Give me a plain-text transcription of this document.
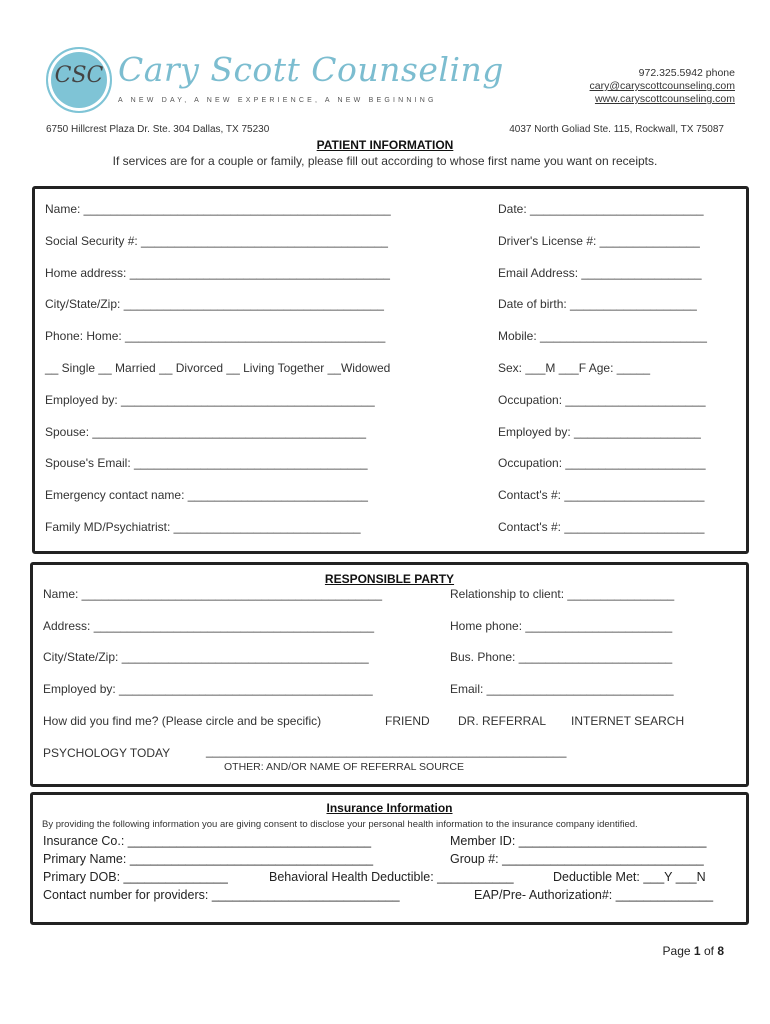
CSC Cary Scott Counseling
A NEW DAY, A NEW EXPERIENCE, A NEW BEGINNING
972.325.5942 phone
cary@caryscottcounseling.com
www.caryscottcounseling.com
6750 Hillcrest Plaza Dr. Ste. 304 Dallas, TX 75230	4037 North Goliad Ste. 115, Rockwall, TX 75087
PATIENT INFORMATION
If services are for a couple or family, please fill out according to whose first name you want on receipts.
Name: ______________________________________________	Date: __________________________
Social Security #: _____________________________________	Driver's License #: _______________
Home address: _______________________________________	Email Address: __________________
City/State/Zip: _______________________________________	Date of birth: ___________________
Phone: Home: _______________________________________	Mobile: _________________________
__ Single __ Married __ Divorced __ Living Together __Widowed	Sex: ___M ___F Age: _____
Employed by: ______________________________________	Occupation: _____________________
Spouse: _________________________________________	Employed by: ___________________
Spouse's Email: ___________________________________	Occupation: _____________________
Emergency contact name: ___________________________	Contact's #: _____________________
Family MD/Psychiatrist: ____________________________	Contact's #: _____________________
RESPONSIBLE PARTY
Name: _____________________________________________	Relationship to client: ________________
Address: __________________________________________	Home phone: ______________________
City/State/Zip: _____________________________________	Bus. Phone: _______________________
Employed by: ______________________________________	Email: ____________________________
How did you find me? (Please circle and be specific)	FRIEND DR. REFERRAL INTERNET SEARCH
PSYCHOLOGY TODAY	______________________________________________________
OTHER: AND/OR NAME OF REFERRAL SOURCE
Insurance Information
By providing the following information you are giving consent to disclose your personal health information to the insurance company identified.
Insurance Co.: ___________________________________	Member ID: ___________________________
Primary Name: ___________________________________	Group #: _____________________________
Primary DOB: _______________	Behavioral Health Deductible: ___________	Deductible Met: ___Y ___N
Contact number for providers: ___________________________	EAP/Pre- Authorization#: ______________
Page 1 of 8
